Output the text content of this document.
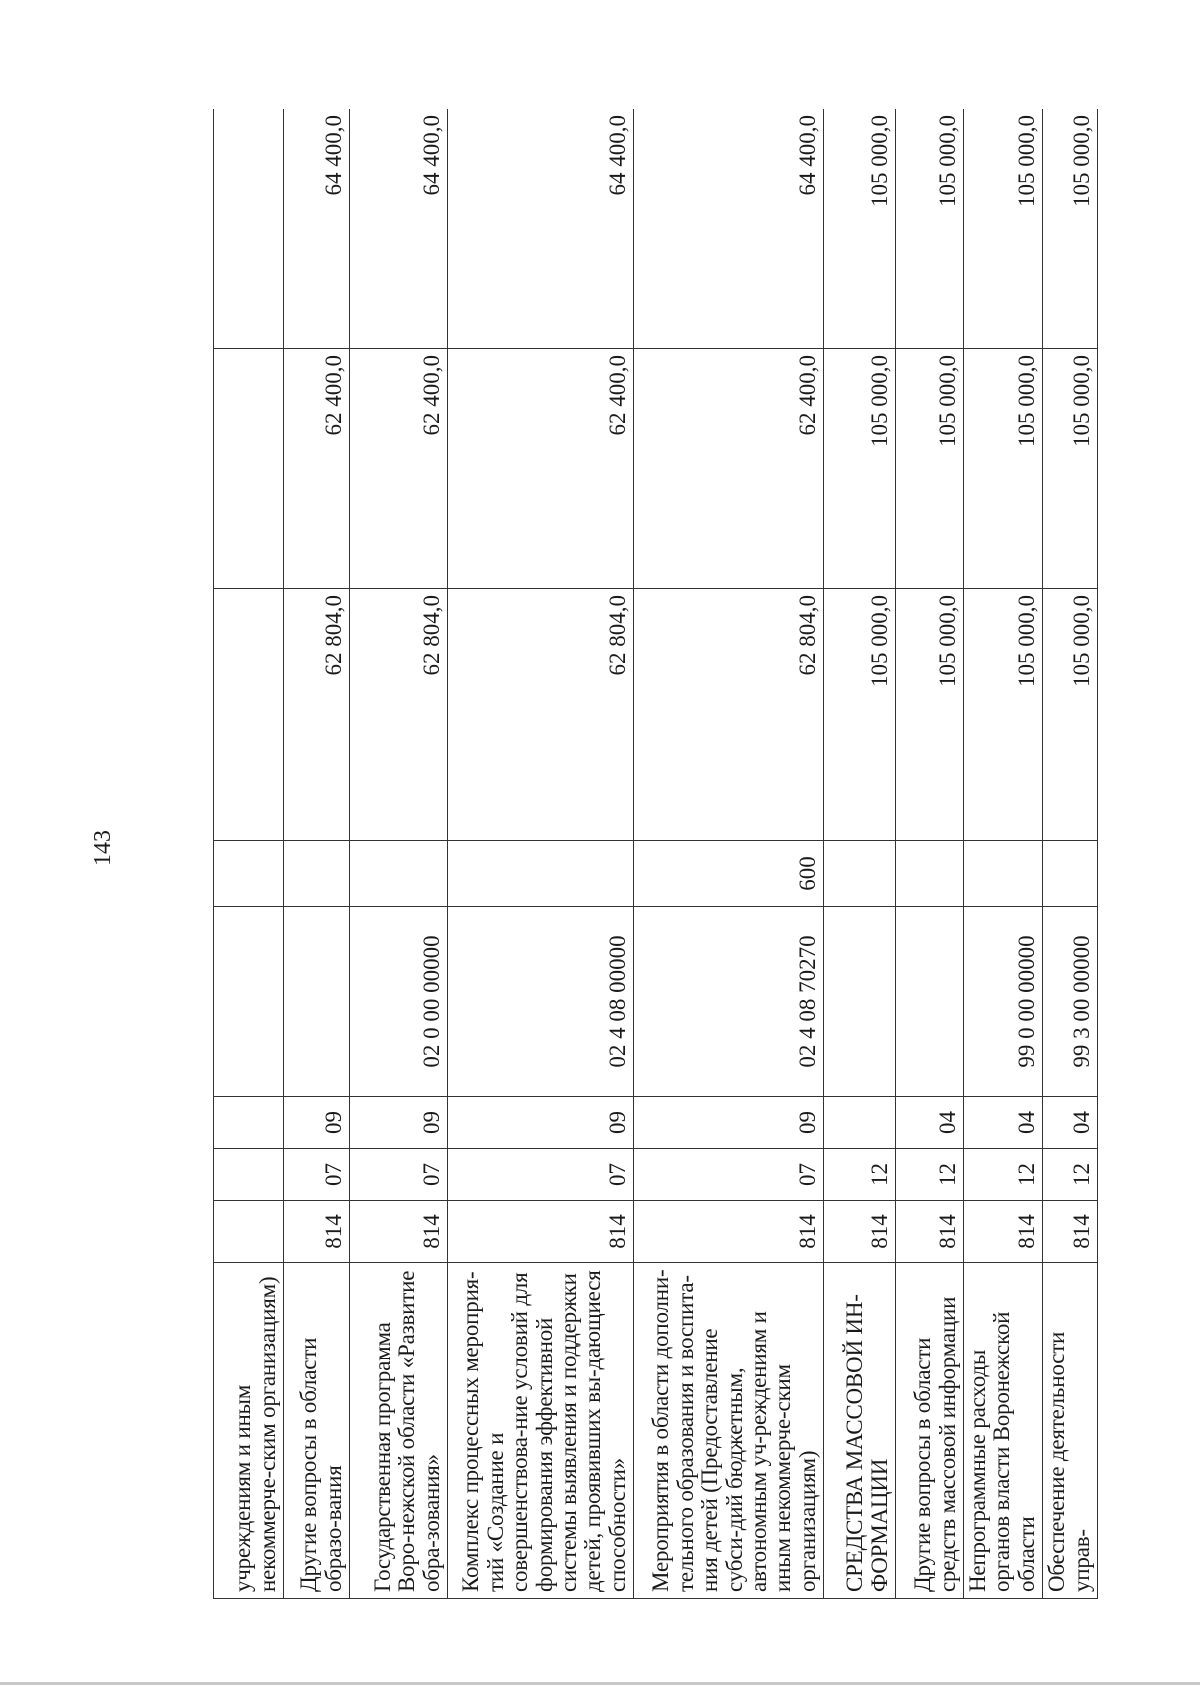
143
учреждениям и иным некоммерче-ским организациям)								
Другие вопросы в области образо-вания	814	07	09			62 804,0	62 400,0	64 400,0
Государственная программа Воро-нежской области «Развитие обра-зования»	814	07	09	02 0 00 00000		62 804,0	62 400,0	64 400,0
Комплекс процессных мероприя-тий «Создание и совершенствова-ние условий для формирования эффективной системы выявления и поддержки детей, проявивших вы-дающиеся способности»	814	07	09	02 4 08 00000		62 804,0	62 400,0	64 400,0
Мероприятия в области дополни-тельного образования и воспита-ния детей (Предоставление субси-дий бюджетным, автономным уч-реждениям и иным некоммерче-ским организациям)	814	07	09	02 4 08 70270	600	62 804,0	62 400,0	64 400,0
СРЕДСТВА МАССОВОЙ ИН-ФОРМАЦИИ	814	12				105 000,0	105 000,0	105 000,0
Другие вопросы в области средств массовой информации	814	12	04			105 000,0	105 000,0	105 000,0
Непрограммные расходы органов власти Воронежской области	814	12	04	99 0 00 00000		105 000,0	105 000,0	105 000,0
Обеспечение деятельности управ-	814	12	04	99 3 00 00000		105 000,0	105 000,0	105 000,0
